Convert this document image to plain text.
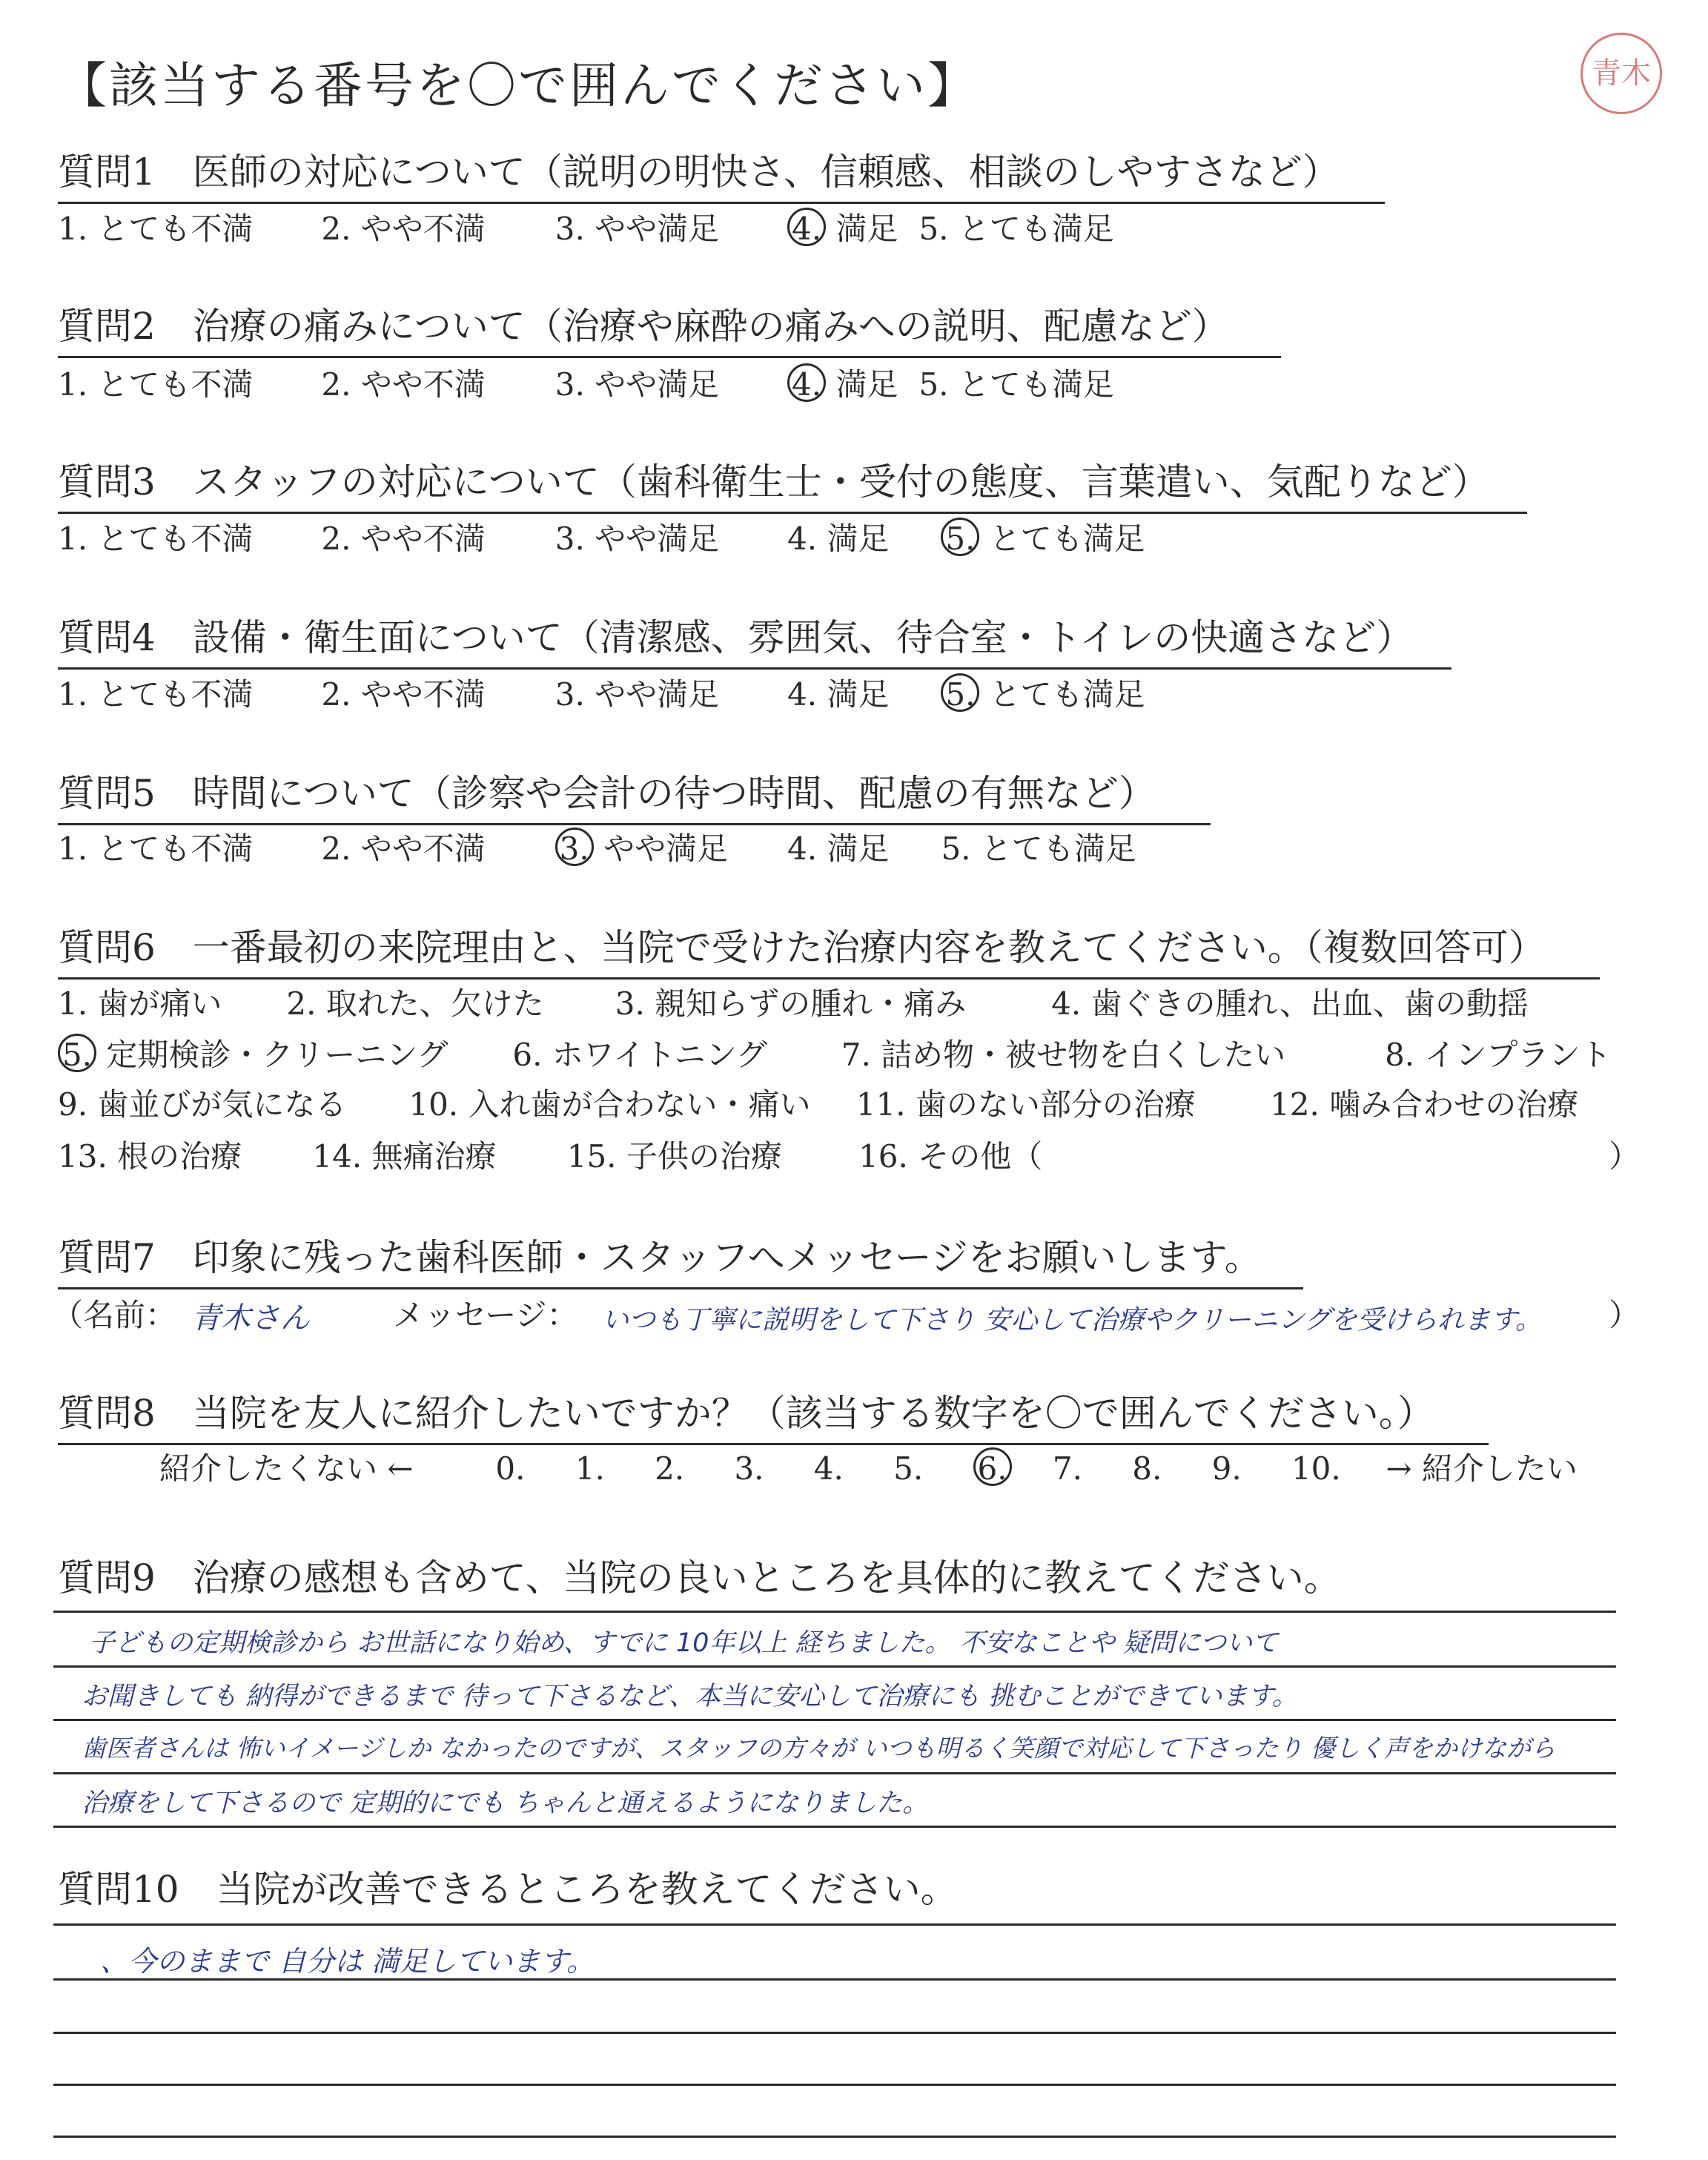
【該当する番号を〇で囲んでください】	青木
質問1　医師の対応について（説明の明快さ、信頼感、相談のしやすさなど）
1. とても不満 2. やや不満 3. やや満足 4. 満足 5. とても満足
質問2　治療の痛みについて（治療や麻酔の痛みへの説明、配慮など）
1. とても不満 2. やや不満 3. やや満足 4. 満足 5. とても満足
質問3　スタッフの対応について（歯科衛生士・受付の態度、言葉遣い、気配りなど）
1. とても不満 2. やや不満 3. やや満足 4. 満足 5. とても満足
質問4　設備・衛生面について（清潔感、雰囲気、待合室・トイレの快適さなど）
1. とても不満 2. やや不満 3. やや満足 4. 満足 5. とても満足
質問5　時間について（診察や会計の待つ時間、配慮の有無など）
1. とても不満 2. やや不満 3. やや満足 4. 満足 5. とても満足
質問6　一番最初の来院理由と、当院で受けた治療内容を教えてください。（複数回答可）
1. 歯が痛い 2. 取れた、欠けた 3. 親知らずの腫れ・痛み	4. 歯ぐきの腫れ、出血、歯の動揺
5. 定期検診・クリーニング 6. ホワイトニング 7. 詰め物・被せ物を白くしたい	8. インプラント
9. 歯並びが気になる 10. 入れ歯が合わない・痛い 11. 歯のない部分の治療 12. 噛み合わせの治療
13. 根の治療 14. 無痛治療 15. 子供の治療 16. その他（	）
質問7　印象に残った歯科医師・スタッフへメッセージをお願いします。
（名前： 青木さん	メッセージ： いつも丁寧に説明をして下さり 安心して治療やクリーニングを受けられます。 ）
質問8　当院を友人に紹介したいですか？（該当する数字を〇で囲んでください。）
紹介したくない ←	0. 1. 2. 3. 4. 5. 6. 7. 8. 9. 10. → 紹介したい
質問9　治療の感想も含めて、当院の良いところを具体的に教えてください。
子どもの定期検診から お世話になり始め、すでに 10年以上 経ちました。 不安なことや 疑問について
お聞きしても 納得ができるまで 待って下さるなど、本当に安心して治療にも 挑むことができています。
歯医者さんは 怖いイメージしか なかったのですが、スタッフの方々が いつも明るく笑顔で対応して下さったり 優しく声をかけながら
治療をして下さるので 定期的にでも ちゃんと通えるようになりました。
質問10　当院が改善できるところを教えてください。
、今のままで 自分は 満足しています。
